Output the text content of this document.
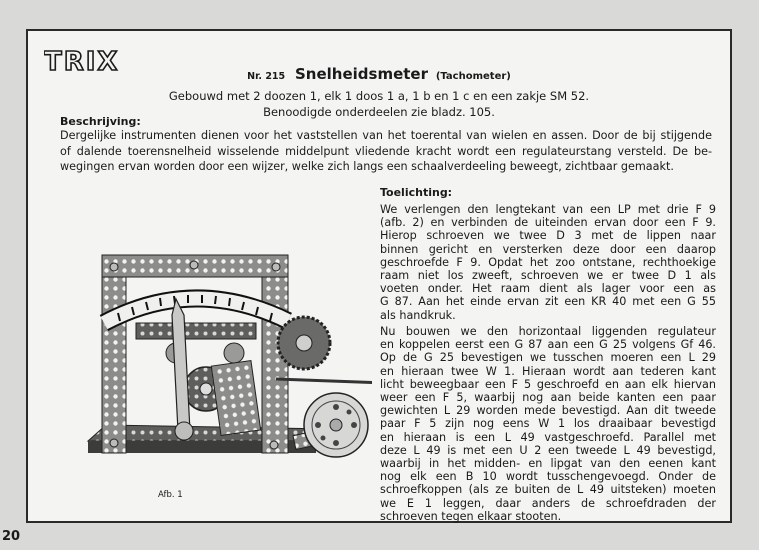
TRIX	Nr. 215 Snelheidsmeter (Tachometer)
Gebouwd met 2 doozen 1, elk 1 doos 1 a, 1 b en 1 c en een zakje SM 52.
Benoodigde onderdeelen zie bladz. 105.
Beschrijving:
Dergelijke instrumenten dienen voor het vaststellen van het toerental van wielen en assen. Door de bij stijgende
of dalende toerensnelheid wisselende middelpunt vliedende kracht wordt een regulateurstang versteld. De be-
wegingen ervan worden door een wijzer, welke zich langs een schaalverdeeling beweegt, zichtbaar gemaakt.
Toelichting:
We verlengen den lengtekant van een LP met drie F 9
(afb. 2) en verbinden de uiteinden ervan door een F 9.
Hierop schroeven we twee D 3 met de lippen naar
binnen gericht en versterken deze door een daarop
geschroefde F 9. Opdat het zoo ontstane, rechthoekige
raam niet los zweeft, schroeven we er twee D 1 als
voeten onder. Het raam dient als lager voor een as
G 87. Aan het einde ervan zit een KR 40 met een G 55
als handkruk.
Nu bouwen we den horizontaal liggenden regulateur
en koppelen eerst een G 87 aan een G 25 volgens Gf 46.
Op de G 25 bevestigen we tusschen moeren een L 29
en hieraan twee W 1. Hieraan wordt aan tederen kant
licht beweegbaar een F 5 geschroefd en aan elk hiervan
weer een F 5, waarbij nog aan beide kanten een paar
gewichten L 29 worden mede bevestigd. Aan dit tweede
paar F 5 zijn nog eens W 1 los draaibaar bevestigd
en hieraan is een L 49 vastgeschroefd. Parallel met
deze L 49 is met een U 2 een tweede L 49 bevestigd,
waarbij in het midden- en lipgat van den eenen kant
nog elk een B 10 wordt tusschengevoegd. Onder de
schroefkoppen (als ze buiten de L 49 uitsteken) moeten
we E 1 leggen, daar anders de schroefdraden der
schroeven tegen elkaar stooten.
Afb. 1
20
